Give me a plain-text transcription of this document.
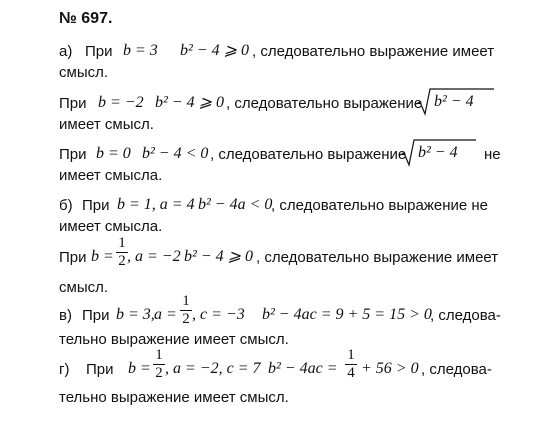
№ 697.
а) При b = 3 b² − 4 ⩾ 0 , следовательно выражение имеет
смысл.
При b = −2 b² − 4 ⩾ 0 , следовательно выражение b² − 4
имеет смысл.
При b = 0 b² − 4 < 0 , следовательно выражение b² − 4 не
имеет смысла.
б) При b = 1, a = 4 b² − 4a < 0
, следовательно выражение не
имеет смысла.
При b =
1
2 , a = −2 b² − 4 ⩾ 0 , следовательно выражение имеет
смысл.
в) При b = 3, a =
1
2 , c = −3 b² − 4ac = 9 + 5 = 15 > 0
, следова-
тельно выражение имеет смысл.
г) При b =
1
2 , a = −2, c = 7 b² − 4ac =
1
4 + 56 > 0 , следова-
тельно выражение имеет смысл.
